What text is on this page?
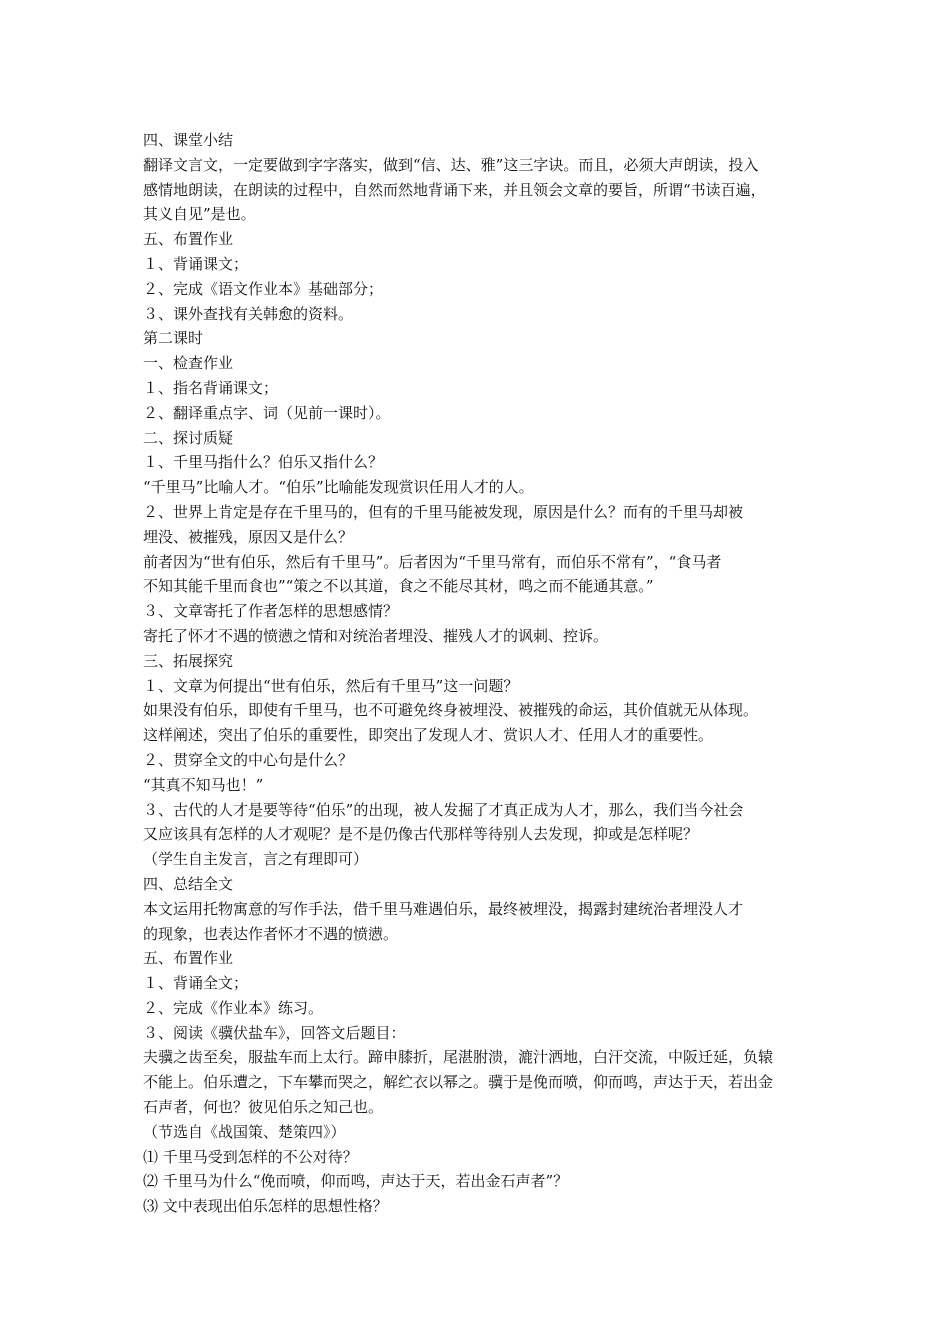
四、课堂小结
翻译文言文，一定要做到字字落实，做到“信、达、雅”这三字诀。而且，必须大声朗读，投入
感情地朗读，在朗读的过程中，自然而然地背诵下来，并且领会文章的要旨，所谓“书读百遍，
其义自见”是也。
五、布置作业
１、背诵课文；
２、完成《语文作业本》基础部分；
３、课外查找有关韩愈的资料。
第二课时
一、检查作业
１、指名背诵课文；
２、翻译重点字、词（见前一课时）。
二、探讨质疑
１、千里马指什么？伯乐又指什么？
“千里马”比喻人才。“伯乐”比喻能发现赏识任用人才的人。
２、世界上肯定是存在千里马的，但有的千里马能被发现，原因是什么？而有的千里马却被
埋没、被摧残，原因又是什么？
前者因为“世有伯乐，然后有千里马”。后者因为“千里马常有，而伯乐不常有”，“食马者
不知其能千里而食也”“策之不以其道，食之不能尽其材，鸣之而不能通其意。”
３、文章寄托了作者怎样的思想感情？
寄托了怀才不遇的愤懑之情和对统治者埋没、摧残人才的讽刺、控诉。
三、拓展探究
１、文章为何提出“世有伯乐，然后有千里马”这一问题？
如果没有伯乐，即使有千里马，也不可避免终身被埋没、被摧残的命运，其价值就无从体现。
这样阐述，突出了伯乐的重要性，即突出了发现人才、赏识人才、任用人才的重要性。
２、贯穿全文的中心句是什么？
“其真不知马也！”
３、古代的人才是要等待“伯乐”的出现，被人发掘了才真正成为人才，那么，我们当今社会
又应该具有怎样的人才观呢？是不是仍像古代那样等待别人去发现，抑或是怎样呢？
（学生自主发言，言之有理即可）
四、总结全文
本文运用托物寓意的写作手法，借千里马难遇伯乐，最终被埋没，揭露封建统治者埋没人才
的现象，也表达作者怀才不遇的愤懑。
五、布置作业
１、背诵全文；
２、完成《作业本》练习。
３、阅读《骥伏盐车》，回答文后题目：
夫骥之齿至矣，服盐车而上太行。蹄申膝折，尾湛胕溃，漉汁洒地，白汗交流，中阪迁延，负辕
不能上。伯乐遭之，下车攀而哭之，解纻衣以幂之。骥于是俛而喷，仰而鸣，声达于天，若出金
石声者，何也？彼见伯乐之知己也。
（节选自《战国策、楚策四》）
⑴ 千里马受到怎样的不公对待？
⑵ 千里马为什么“俛而喷，仰而鸣，声达于天，若出金石声者”？
⑶ 文中表现出伯乐怎样的思想性格？
